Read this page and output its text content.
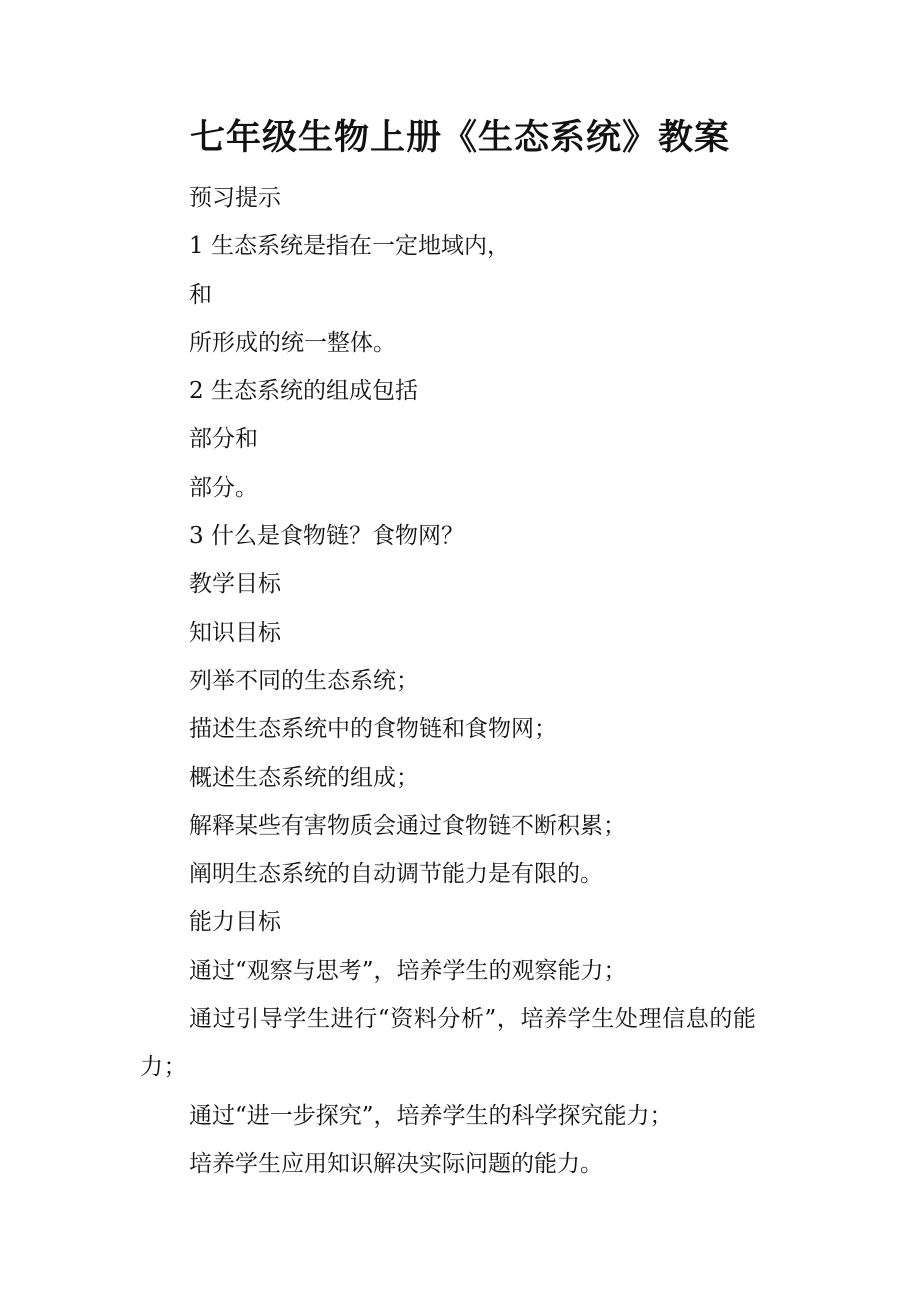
七年级生物上册《生态系统》教案
预习提示
1 生态系统是指在一定地域内，
和
所形成的统一整体。
2 生态系统的组成包括
部分和
部分。
3 什么是食物链？食物网？
教学目标
知识目标
列举不同的生态系统；
描述生态系统中的食物链和食物网；
概述生态系统的组成；
解释某些有害物质会通过食物链不断积累；
阐明生态系统的自动调节能力是有限的。
能力目标
通过“观察与思考”，培养学生的观察能力；
通过引导学生进行“资料分析”，培养学生处理信息的能力；
通过“进一步探究”，培养学生的科学探究能力；
培养学生应用知识解决实际问题的能力。
